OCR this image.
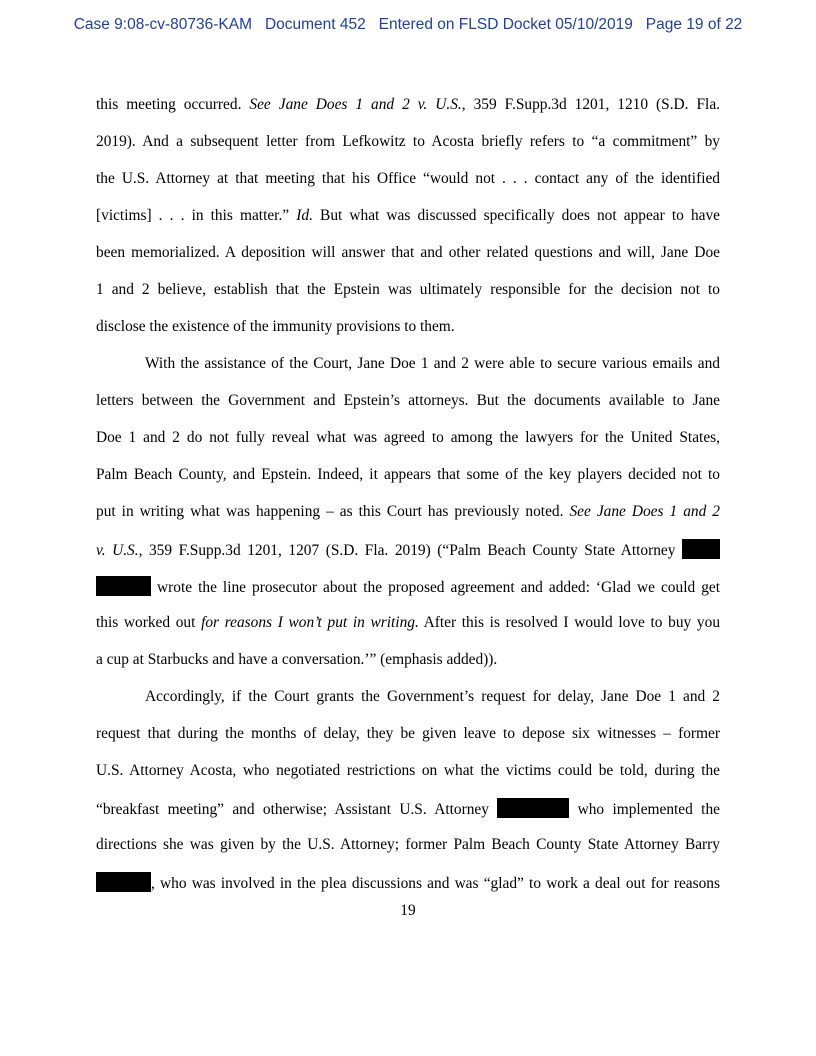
Case 9:08-cv-80736-KAM   Document 452   Entered on FLSD Docket 05/10/2019   Page 19 of 22
this meeting occurred. See Jane Does 1 and 2 v. U.S., 359 F.Supp.3d 1201, 1210 (S.D. Fla.
2019). And a subsequent letter from Lefkowitz to Acosta briefly refers to “a commitment” by
the U.S. Attorney at that meeting that his Office “would not . . . contact any of the identified
[victims] . . . in this matter.” Id. But what was discussed specifically does not appear to have
been memorialized. A deposition will answer that and other related questions and will, Jane Doe
1 and 2 believe, establish that the Epstein was ultimately responsible for the decision not to
disclose the existence of the immunity provisions to them.
With the assistance of the Court, Jane Doe 1 and 2 were able to secure various emails and
letters between the Government and Epstein’s attorneys. But the documents available to Jane
Doe 1 and 2 do not fully reveal what was agreed to among the lawyers for the United States,
Palm Beach County, and Epstein. Indeed, it appears that some of the key players decided not to
put in writing what was happening – as this Court has previously noted. See Jane Does 1 and 2
v. U.S., 359 F.Supp.3d 1201, 1207 (S.D. Fla. 2019) (“Palm Beach County State Attorney
wrote the line prosecutor about the proposed agreement and added: ‘Glad we could get
this worked out for reasons I won’t put in writing. After this is resolved I would love to buy you
a cup at Starbucks and have a conversation.’” (emphasis added)).
Accordingly, if the Court grants the Government’s request for delay, Jane Doe 1 and 2
request that during the months of delay, they be given leave to depose six witnesses – former
U.S. Attorney Acosta, who negotiated restrictions on what the victims could be told, during the
“breakfast meeting” and otherwise; Assistant U.S. Attorney	who implemented the
directions she was given by the U.S. Attorney; former Palm Beach County State Attorney Barry
, who was involved in the plea discussions and was “glad” to work a deal out for reasons
19
